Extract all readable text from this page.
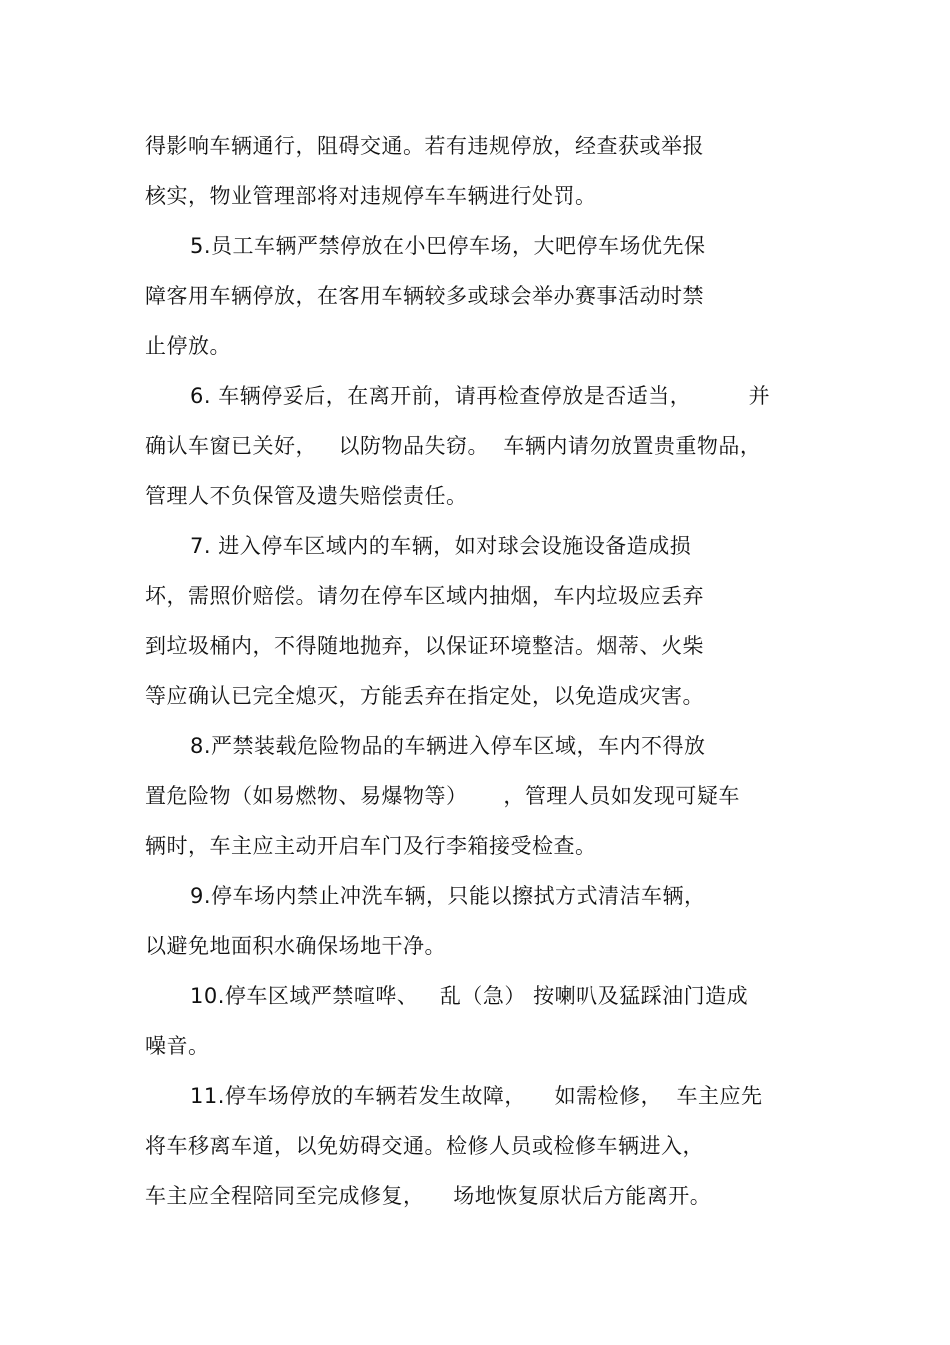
得影响车辆通行，阻碍交通。若有违规停放，经查获或举报
核实，物业管理部将对违规停车车辆进行处罚。
5.员工车辆严禁停放在小巴停车场，大吧停车场优先保
障客用车辆停放，在客用车辆较多或球会举办赛事活动时禁
止停放。
6. 车辆停妥后，在离开前，请再检查停放是否适当，        并
确认车窗已关好，   以防物品失窃。  车辆内请勿放置贵重物品，
管理人不负保管及遗失赔偿责任。
7. 进入停车区域内的车辆，如对球会设施设备造成损
坏，需照价赔偿。请勿在停车区域内抽烟，车内垃圾应丢弃
到垃圾桶内，不得随地抛弃，以保证环境整洁。烟蒂、火柴
等应确认已完全熄灭，方能丢弃在指定处，以免造成灾害。
8.严禁装载危险物品的车辆进入停车区域，车内不得放
置危险物（如易燃物、易爆物等）     ，管理人员如发现可疑车
辆时，车主应主动开启车门及行李箱接受检查。
9.停车场内禁止冲洗车辆，只能以擦拭方式清洁车辆，
以避免地面积水确保场地干净。
10.停车区域严禁喧哗、   乱（急） 按喇叭及猛踩油门造成
噪音。
11.停车场停放的车辆若发生故障，    如需检修，  车主应先
将车移离车道，以免妨碍交通。检修人员或检修车辆进入，
车主应全程陪同至完成修复，    场地恢复原状后方能离开。
